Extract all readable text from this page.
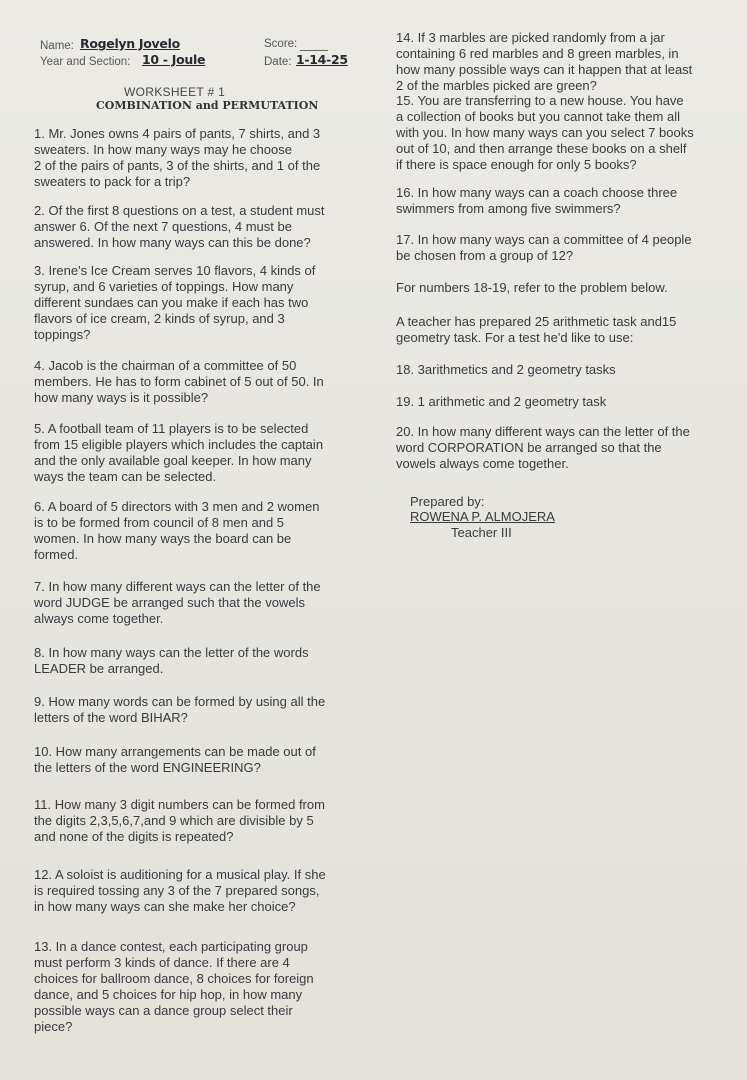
Name: Rogelyn Jovelo	Score:
Year and Section: 10 - Joule	Date: 1-14-25
WORKSHEET # 1
COMBINATION and PERMUTATION
1. Mr. Jones owns 4 pairs of pants, 7 shirts, and 3
sweaters. In how many ways may he choose
2 of the pairs of pants, 3 of the shirts, and 1 of the
sweaters to pack for a trip?
2. Of the first 8 questions on a test, a student must
answer 6. Of the next 7 questions, 4 must be
answered. In how many ways can this be done?
3. Irene's Ice Cream serves 10 flavors, 4 kinds of
syrup, and 6 varieties of toppings. How many
different sundaes can you make if each has two
flavors of ice cream, 2 kinds of syrup, and 3
toppings?
4. Jacob is the chairman of a committee of 50
members. He has to form cabinet of 5 out of 50. In
how many ways is it possible?
5. A football team of 11 players is to be selected
from 15 eligible players which includes the captain
and the only available goal keeper. In how many
ways the team can be selected.
6. A board of 5 directors with 3 men and 2 women
is to be formed from council of 8 men and 5
women. In how many ways the board can be
formed.
7. In how many different ways can the letter of the
word JUDGE be arranged such that the vowels
always come together.
8. In how many ways can the letter of the words
LEADER be arranged.
9. How many words can be formed by using all the
letters of the word BIHAR?
10. How many arrangements can be made out of
the letters of the word ENGINEERING?
11. How many 3 digit numbers can be formed from
the digits 2,3,5,6,7,and 9 which are divisible by 5
and none of the digits is repeated?
12. A soloist is auditioning for a musical play. If she
is required tossing any 3 of the 7 prepared songs,
in how many ways can she make her choice?
13. In a dance contest, each participating group
must perform 3 kinds of dance. If there are 4
choices for ballroom dance, 8 choices for foreign
dance, and 5 choices for hip hop, in how many
possible ways can a dance group select their
piece?
14. If 3 marbles are picked randomly from a jar
containing 6 red marbles and 8 green marbles, in
how many possible ways can it happen that at least
2 of the marbles picked are green?
15. You are transferring to a new house. You have
a collection of books but you cannot take them all
with you. In how many ways can you select 7 books
out of 10, and then arrange these books on a shelf
if there is space enough for only 5 books?
16. In how many ways can a coach choose three
swimmers from among five swimmers?
17. In how many ways can a committee of 4 people
be chosen from a group of 12?
For numbers 18-19, refer to the problem below.
A teacher has prepared 25 arithmetic task and15
geometry task. For a test he'd like to use:
18. 3arithmetics and 2 geometry tasks
19. 1 arithmetic and 2 geometry task
20. In how many different ways can the letter of the
word CORPORATION be arranged so that the
vowels always come together.
Prepared by:
ROWENA P. ALMOJERA
Teacher III
